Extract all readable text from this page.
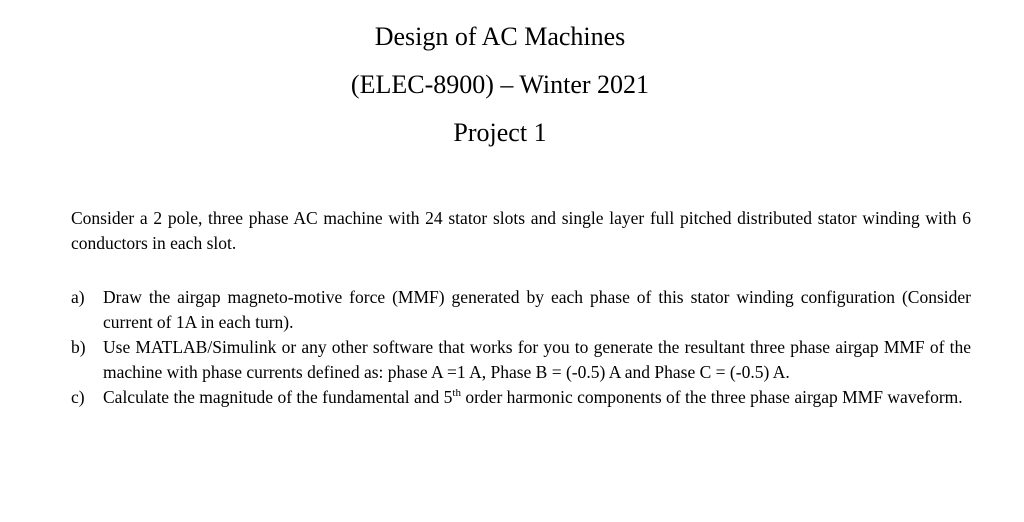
Design of AC Machines
(ELEC-8900) – Winter 2021
Project 1

Consider a 2 pole, three phase AC machine with 24 stator slots and single layer full pitched distributed stator winding with 6 conductors in each slot.

a)	Draw the airgap magneto-motive force (MMF) generated by each phase of this stator winding configuration (Consider current of 1A in each turn).
b) Use MATLAB/Simulink or any other software that works for you to generate the resultant three phase airgap MMF of the machine with phase currents defined as: phase A =1 A, Phase B = (-0.5) A and Phase C = (-0.5) A.
c)	Calculate the magnitude of the fundamental and 5th order harmonic components of the three phase airgap MMF waveform.
